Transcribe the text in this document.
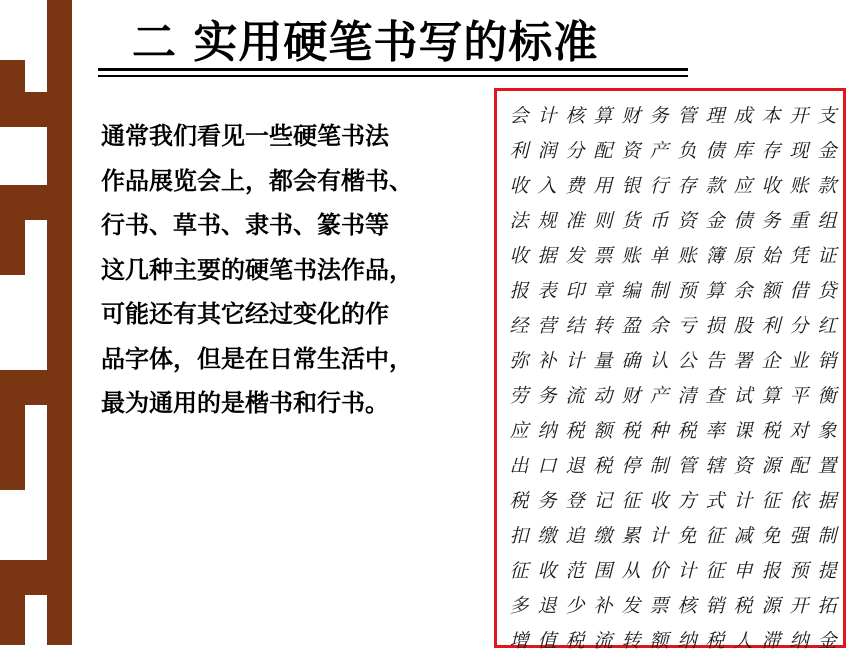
二 实用硬笔书写的标准
通常我们看见一些硬笔书法
作品展览会上，都会有楷书、
行书、草书、隶书、篆书等
这几种主要的硬笔书法作品，
可能还有其它经过变化的作
品字体，但是在日常生活中，
最为通用的是楷书和行书。
会 计 核 算 财 务 管 理 成 本 开 支
利 润 分 配 资 产 负 债 库 存 现 金
收 入 费 用 银 行 存 款 应 收 账 款
法 规 准 则 货 币 资 金 债 务 重 组
收 据 发 票 账 单 账 簿 原 始 凭 证
报 表 印 章 编 制 预 算 余 额 借 贷
经 营 结 转 盈 余 亏 损 股 利 分 红
弥 补 计 量 确 认 公 告 署 企 业 销
劳 务 流 动 财 产 清 查 试 算 平 衡
应 纳 税 额 税 种 税 率 课 税 对 象
出 口 退 税 停 制 管 辖 资 源 配 置
税 务 登 记 征 收 方 式 计 征 依 据
扣 缴 追 缴 累 计 免 征 减 免 强 制
征 收 范 围 从 价 计 征 申 报 预 提
多 退 少 补 发 票 核 销 税 源 开 拓
增 值 税 流 转 额 纳 税 人 滞 纳 金
